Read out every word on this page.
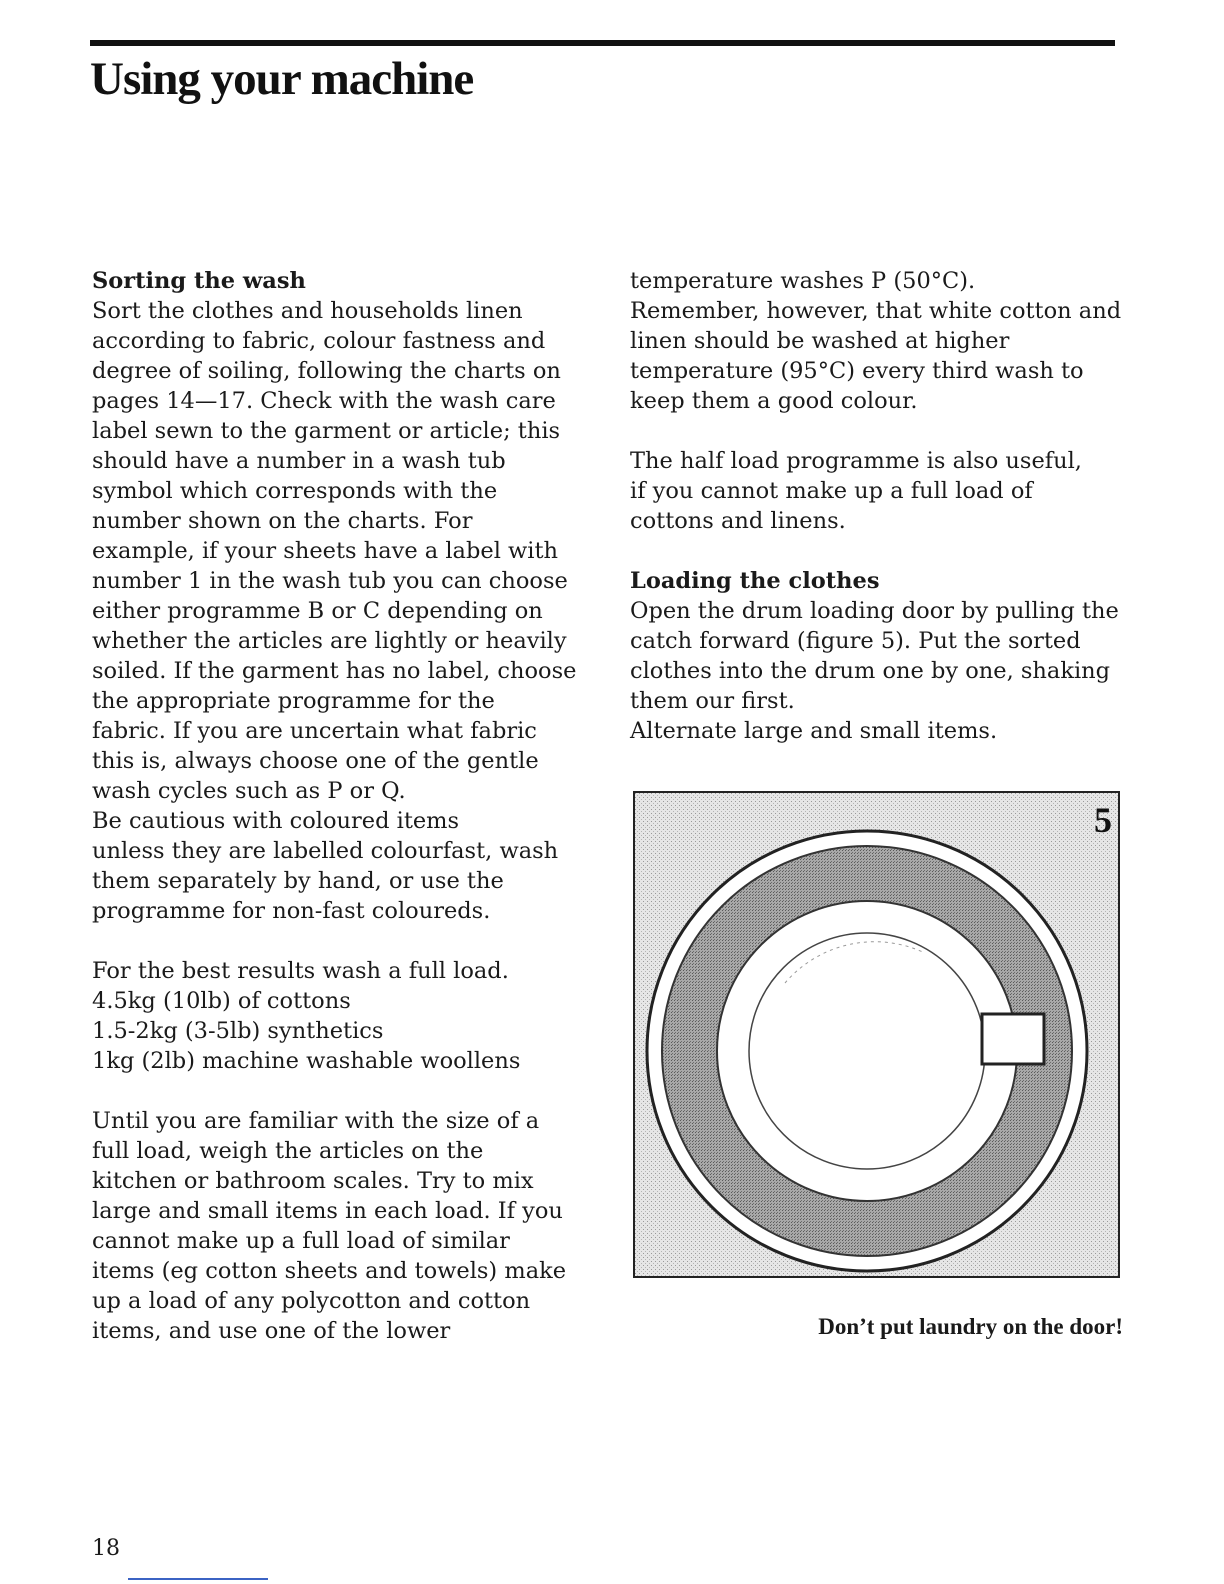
Using your machine
Sorting the wash

Sort the clothes and households linen
according to fabric, colour fastness and
degree of soiling, following the charts on
pages 14—17. Check with the wash care
label sewn to the garment or article; this
should have a number in a wash tub
symbol which corresponds with the
number shown on the charts. For
example, if your sheets have a label with
number 1 in the wash tub you can choose
either programme B or C depending on
whether the articles are lightly or heavily
soiled. If the garment has no label, choose
the appropriate programme for the
fabric. If you are uncertain what fabric
this is, always choose one of the gentle
wash cycles such as P or Q.
Be cautious with coloured items
unless they are labelled colourfast, wash
them separately by hand, or use the
programme for non-fast coloureds.

For the best results wash a full load.
4.5kg (10lb) of cottons
1.5-2kg (3-5lb) synthetics
1kg (2lb) machine washable woollens

Until you are familiar with the size of a
full load, weigh the articles on the
kitchen or bathroom scales. Try to mix
large and small items in each load. If you
cannot make up a full load of similar
items (eg cotton sheets and towels) make
up a load of any polycotton and cotton
items, and use one of the lower

temperature washes P (50°C).
Remember, however, that white cotton and
linen should be washed at higher
temperature (95°C) every third wash to
keep them a good colour.

The half load programme is also useful,
if you cannot make up a full load of
cottons and linens.

Loading the clothes

Open the drum loading door by pulling the
catch forward (figure 5). Put the sorted
clothes into the drum one by one, shaking
them our first.
Alternate large and small items.

5
Don’t put laundry on the door!
18
